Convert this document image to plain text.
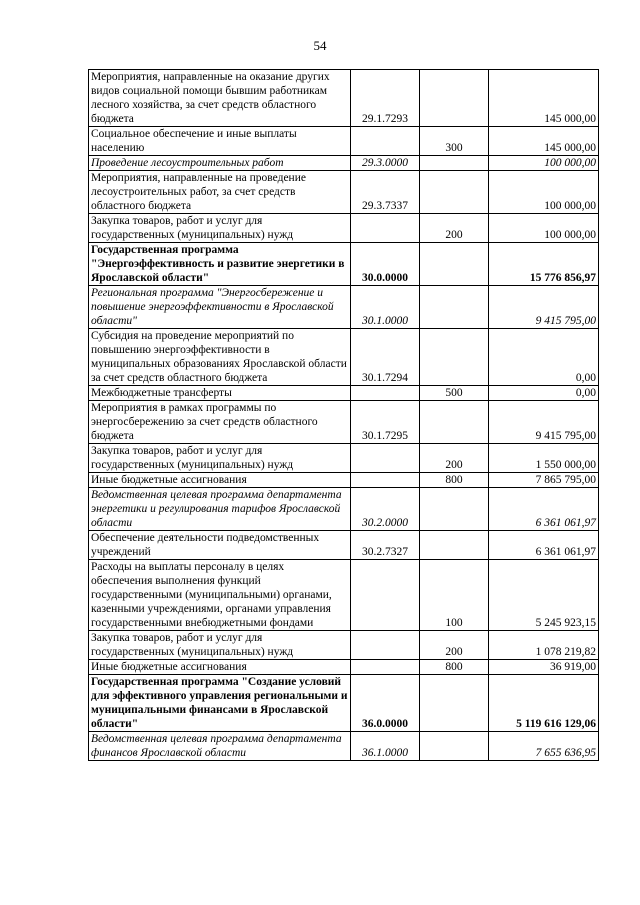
54
Мероприятия, направленные на оказание других видов социальной помощи бывшим работникам лесного хозяйства, за счет средств областного бюджета	29.1.7293		145 000,00
Социальное обеспечение и иные выплаты населению		300	145 000,00
Проведение лесоустроительных работ	29.3.0000		100 000,00
Мероприятия, направленные на проведение лесоустроительных работ, за счет средств областного бюджета	29.3.7337		100 000,00
Закупка товаров, работ и услуг для государственных (муниципальных) нужд		200	100 000,00
Государственная программа "Энергоэффективность и развитие энергетики в Ярославской области"	30.0.0000		15 776 856,97
Региональная программа "Энергосбережение и повышение энергоэффективности в Ярославской области"	30.1.0000		9 415 795,00
Субсидия на проведение мероприятий по повышению энергоэффективности в муниципальных образованиях Ярославской области за счет средств областного бюджета	30.1.7294		0,00
Межбюджетные трансферты		500	0,00
Мероприятия в рамках программы по энергосбережению за счет средств областного бюджета	30.1.7295		9 415 795,00
Закупка товаров, работ и услуг для государственных (муниципальных) нужд		200	1 550 000,00
Иные бюджетные ассигнования		800	7 865 795,00
Ведомственная целевая программа департамента энергетики и регулирования тарифов Ярославской области	30.2.0000		6 361 061,97
Обеспечение деятельности подведомственных учреждений	30.2.7327		6 361 061,97
Расходы на выплаты персоналу в целях обеспечения выполнения функций государственными (муниципальными) органами, казенными учреждениями, органами управления государственными внебюджетными фондами		100	5 245 923,15
Закупка товаров, работ и услуг для государственных (муниципальных) нужд		200	1 078 219,82
Иные бюджетные ассигнования		800	36 919,00
Государственная программа "Создание условий для эффективного управления региональными и муниципальными финансами в Ярославской области"	36.0.0000		5 119 616 129,06
Ведомственная целевая программа департамента финансов Ярославской области	36.1.0000		7 655 636,95
